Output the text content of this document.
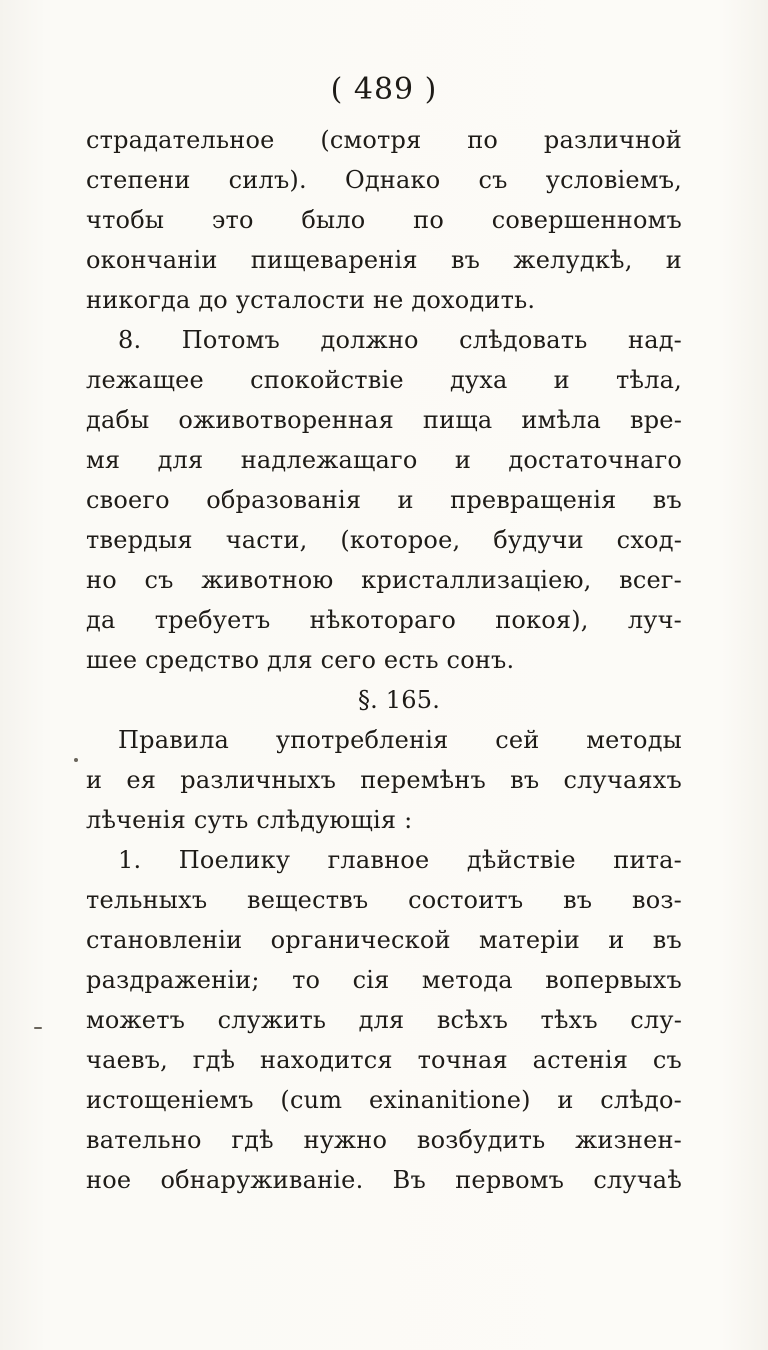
( 489 )
страдательное (смотря по различной
степени силъ). Однако съ условіемъ,
чтобы это было по совершенномъ
окончаніи пищеваренія въ желудкѣ, и
никогда до усталости не доходить.
8. Потомъ должно слѣдовать над-
лежащее спокойствіе духа и тѣла,
дабы оживотворенная пища имѣла вре-
мя для надлежащаго и достаточнаго
своего образованія и превращенія въ
твердыя части, (которое, будучи сход-
но съ животною кристаллизаціею, всег-
да требуетъ нѣкотораго покоя), луч-
шее средство для сего есть сонъ.
§. 165.
Правила употребленія сей методы
и ея различныхъ перемѣнъ въ случаяхъ
лѣченія суть слѣдующія :
1. Поелику главное дѣйствіе пита-
тельныхъ веществъ состоитъ въ воз-
становленіи органической матеріи и въ
раздраженіи; то сія метода вопервыхъ
можетъ служить для всѣхъ тѣхъ слу-
чаевъ, гдѣ находится точная астенія съ
истощеніемъ (cum exinanitione) и слѣдо-
вательно гдѣ нужно возбудить жизнен-
ное обнаруживаніе. Въ первомъ случаѣ
